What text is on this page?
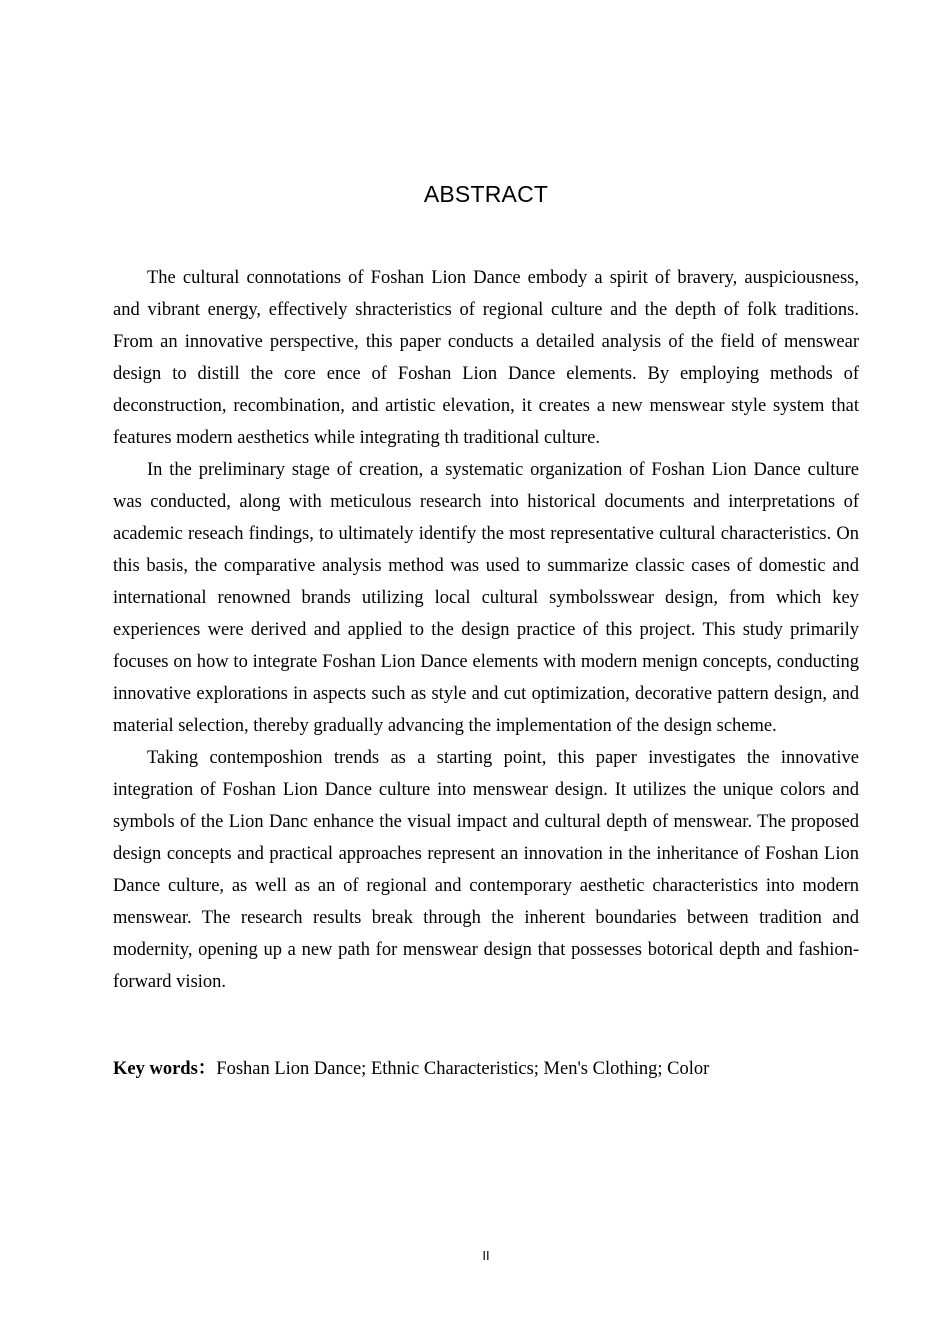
ABSTRACT

The cultural connotations of Foshan Lion Dance embody a spirit of bravery, auspiciousness, and vibrant energy, effectively shracteristics of regional culture and the depth of folk traditions. From an innovative perspective, this paper conducts a detailed analysis of the field of menswear design to distill the core ence of Foshan Lion Dance elements. By employing methods of deconstruction, recombination, and artistic elevation, it creates a new menswear style system that features modern aesthetics while integrating th traditional culture.

In the preliminary stage of creation, a systematic organization of Foshan Lion Dance culture was conducted, along with meticulous research into historical documents and interpretations of academic reseach findings, to ultimately identify the most representative cultural characteristics. On this basis, the comparative analysis method was used to summarize classic cases of domestic and international renowned brands utilizing local cultural symbolsswear design, from which key experiences were derived and applied to the design practice of this project. This study primarily focuses on how to integrate Foshan Lion Dance elements with modern menign concepts, conducting innovative explorations in aspects such as style and cut optimization, decorative pattern design, and material selection, thereby gradually advancing the implementation of the design scheme.

Taking contemposhion trends as a starting point, this paper investigates the innovative integration of Foshan Lion Dance culture into menswear design. It utilizes the unique colors and symbols of the Lion Danc enhance the visual impact and cultural depth of menswear. The proposed design concepts and practical approaches represent an innovation in the inheritance of Foshan Lion Dance culture, as well as an of regional and contemporary aesthetic characteristics into modern menswear. The research results break through the inherent boundaries between tradition and modernity, opening up a new path for menswear design that possesses botorical depth and fashion-forward vision.

Key words：Foshan Lion Dance; Ethnic Characteristics; Men's Clothing; Color
II
